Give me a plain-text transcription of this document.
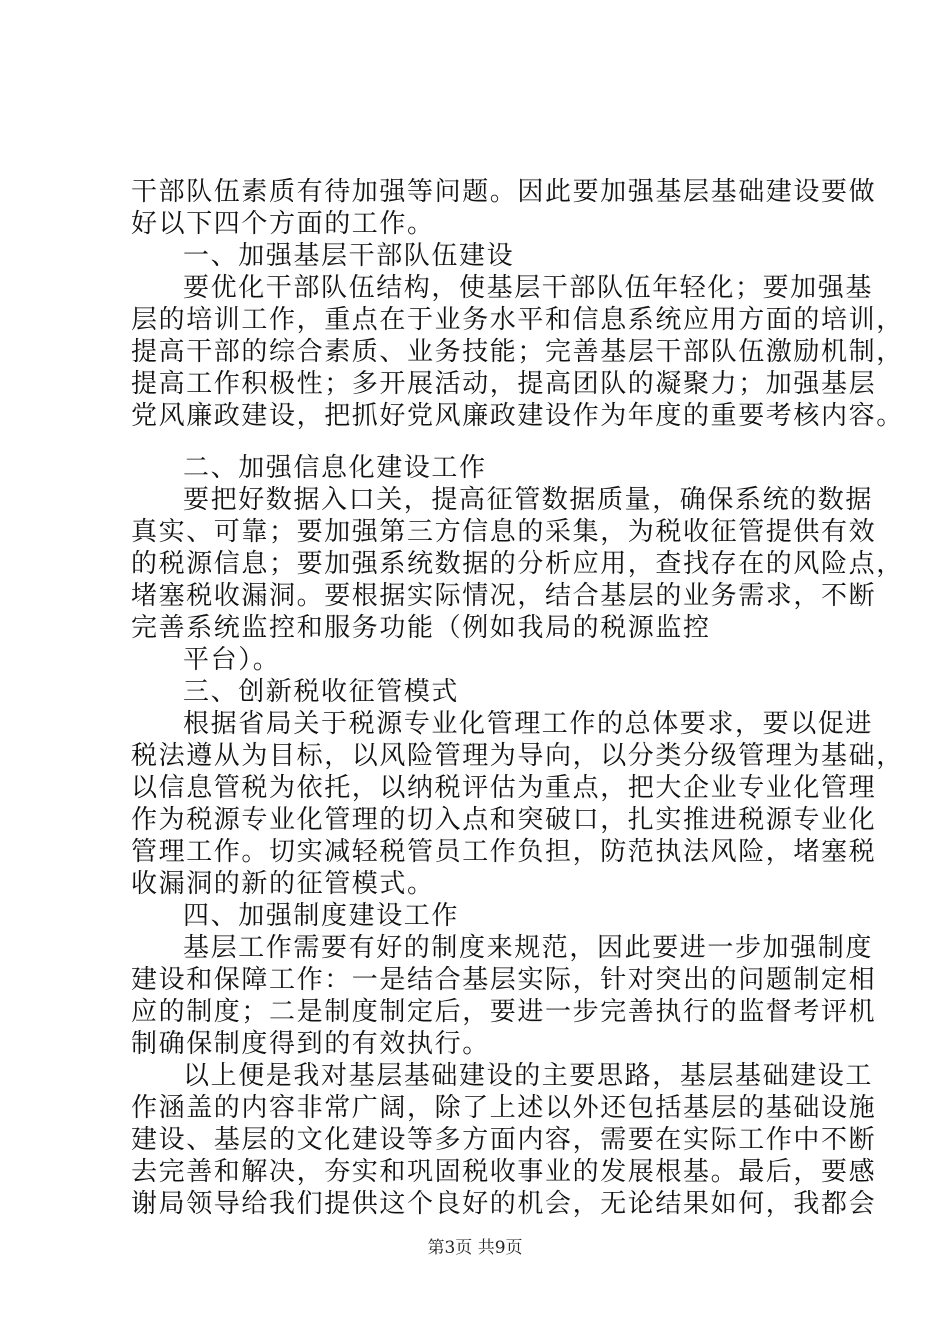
干部队伍素质有待加强等问题。因此要加强基层基础建设要做
好以下四个方面的工作。
一、加强基层干部队伍建设
要优化干部队伍结构，使基层干部队伍年轻化；要加强基
层的培训工作，重点在于业务水平和信息系统应用方面的培训，
提高干部的综合素质、业务技能；完善基层干部队伍激励机制，
提高工作积极性；多开展活动，提高团队的凝聚力；加强基层
党风廉政建设，把抓好党风廉政建设作为年度的重要考核内容。
二、加强信息化建设工作
要把好数据入口关，提高征管数据质量，确保系统的数据
真实、可靠；要加强第三方信息的采集，为税收征管提供有效
的税源信息；要加强系统数据的分析应用，查找存在的风险点，
堵塞税收漏洞。要根据实际情况，结合基层的业务需求，不断
完善系统监控和服务功能（例如我局的税源监控
平台）。
三、创新税收征管模式
根据省局关于税源专业化管理工作的总体要求，要以促进
税法遵从为目标，以风险管理为导向，以分类分级管理为基础，
以信息管税为依托，以纳税评估为重点，把大企业专业化管理
作为税源专业化管理的切入点和突破口，扎实推进税源专业化
管理工作。切实减轻税管员工作负担，防范执法风险，堵塞税
收漏洞的新的征管模式。
四、加强制度建设工作
基层工作需要有好的制度来规范，因此要进一步加强制度
建设和保障工作：一是结合基层实际，针对突出的问题制定相
应的制度；二是制度制定后，要进一步完善执行的监督考评机
制确保制度得到的有效执行。
以上便是我对基层基础建设的主要思路，基层基础建设工
作涵盖的内容非常广阔，除了上述以外还包括基层的基础设施
建设、基层的文化建设等多方面内容，需要在实际工作中不断
去完善和解决，夯实和巩固税收事业的发展根基。最后，要感
谢局领导给我们提供这个良好的机会，无论结果如何，我都会
第3页 共9页
